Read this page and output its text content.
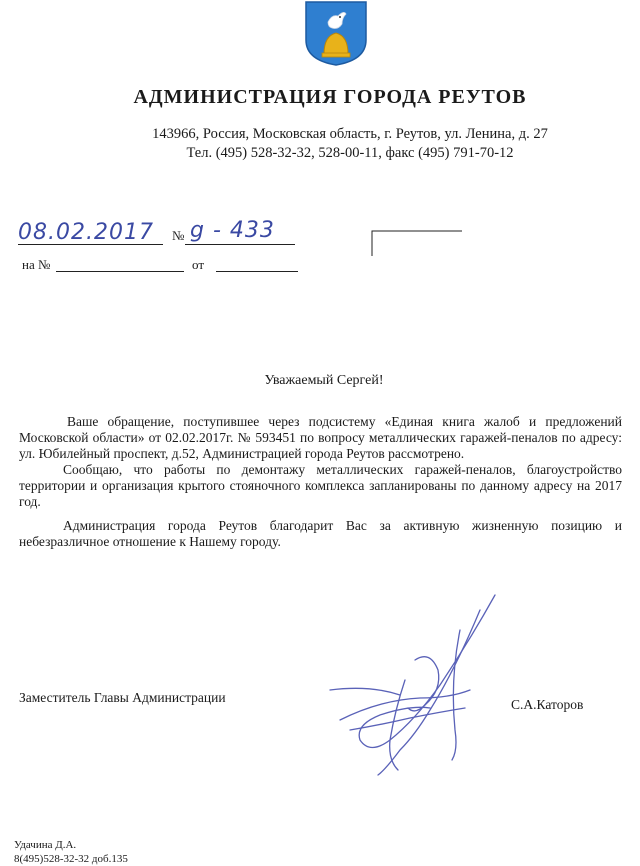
АДМИНИСТРАЦИЯ ГОРОДА РЕУТОВ
143966, Россия, Московская область, г. Реутов, ул. Ленина, д. 27
Тел. (495) 528-32-32, 528-00-11, факс (495) 791-70-12
08.02.2017 № g - 433
на №	от
Уважаемый Сергей!

Ваше обращение, поступившее через подсистему «Единая книга жалоб и предложений Московской области» от 02.02.2017г. № 593451 по вопросу металлических гаражей-пеналов по адресу: ул. Юбилейный проспект, д.52, Администрацией города Реутов рассмотрено.

Сообщаю, что работы по демонтажу металлических гаражей-пеналов, благоустройство территории и организация крытого стояночного комплекса запланированы по данному адресу на 2017 год.

Администрация города Реутов благодарит Вас за активную жизненную позицию и небезразличное отношение к Нашему городу.

Заместитель Главы Администрации	С.А.Каторов
Удачина Д.А.
8(495)528-32-32 доб.135
